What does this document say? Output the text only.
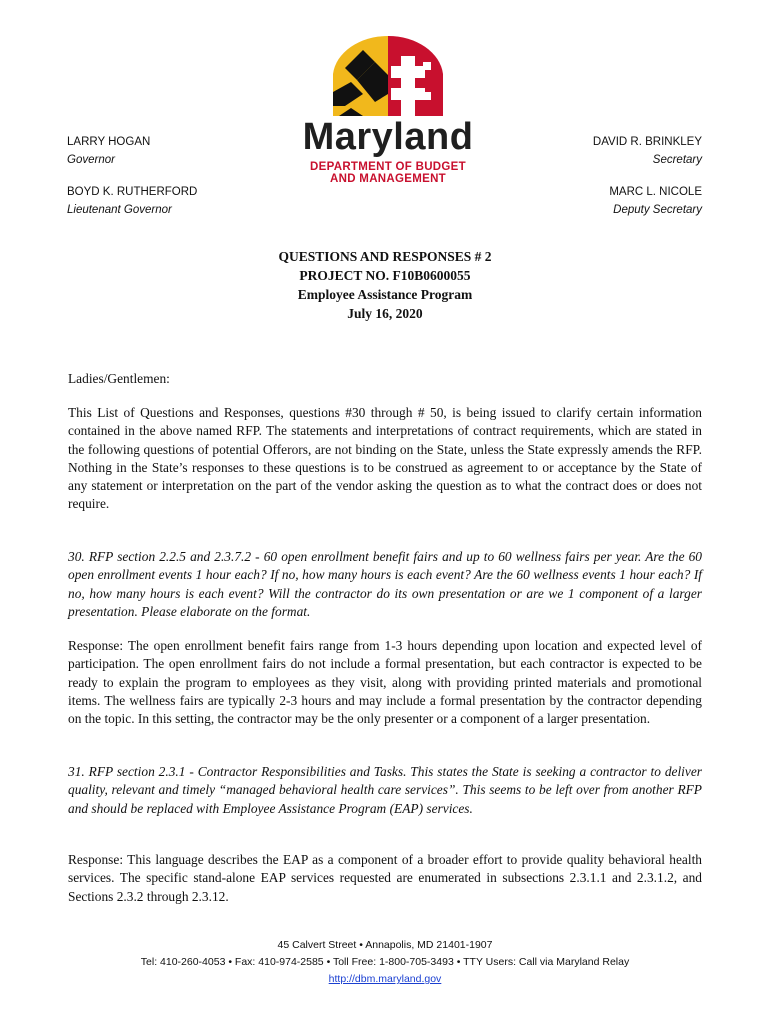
LARRY HOGAN
Governor
BOYD K. RUTHERFORD
Lieutenant Governor
Maryland
DEPARTMENT OF BUDGET
AND MANAGEMENT
DAVID R. BRINKLEY
Secretary
MARC L. NICOLE
Deputy Secretary
QUESTIONS AND RESPONSES # 2
PROJECT NO. F10B0600055
Employee Assistance Program
July 16, 2020
Ladies/Gentlemen:
This List of Questions and Responses, questions #30 through # 50, is being issued to clarify certain information contained in the above named RFP. The statements and interpretations of contract requirements, which are stated in the following questions of potential Offerors, are not binding on the State, unless the State expressly amends the RFP. Nothing in the State’s responses to these questions is to be construed as agreement to or acceptance by the State of any statement or interpretation on the part of the vendor asking the question as to what the contract does or does not require.
30. RFP section 2.2.5 and 2.3.7.2 - 60 open enrollment benefit fairs and up to 60 wellness fairs per year. Are the 60 open enrollment events 1 hour each? If no, how many hours is each event? Are the 60 wellness events 1 hour each? If no, how many hours is each event? Will the contractor do its own presentation or are we 1 component of a larger presentation. Please elaborate on the format.
Response: The open enrollment benefit fairs range from 1-3 hours depending upon location and expected level of participation. The open enrollment fairs do not include a formal presentation, but each contractor is expected to be ready to explain the program to employees as they visit, along with providing printed materials and promotional items. The wellness fairs are typically 2-3 hours and may include a formal presentation by the contractor depending on the topic. In this setting, the contractor may be the only presenter or a component of a larger presentation.
31. RFP section 2.3.1 - Contractor Responsibilities and Tasks. This states the State is seeking a contractor to deliver quality, relevant and timely “managed behavioral health care services”. This seems to be left over from another RFP and should be replaced with Employee Assistance Program (EAP) services.
Response: This language describes the EAP as a component of a broader effort to provide quality behavioral health services. The specific stand-alone EAP services requested are enumerated in subsections 2.3.1.1 and 2.3.1.2, and Sections 2.3.2 through 2.3.12.
45 Calvert Street • Annapolis, MD 21401-1907
Tel: 410-260-4053 • Fax: 410-974-2585 • Toll Free: 1-800-705-3493 • TTY Users: Call via Maryland Relay
http://dbm.maryland.gov
